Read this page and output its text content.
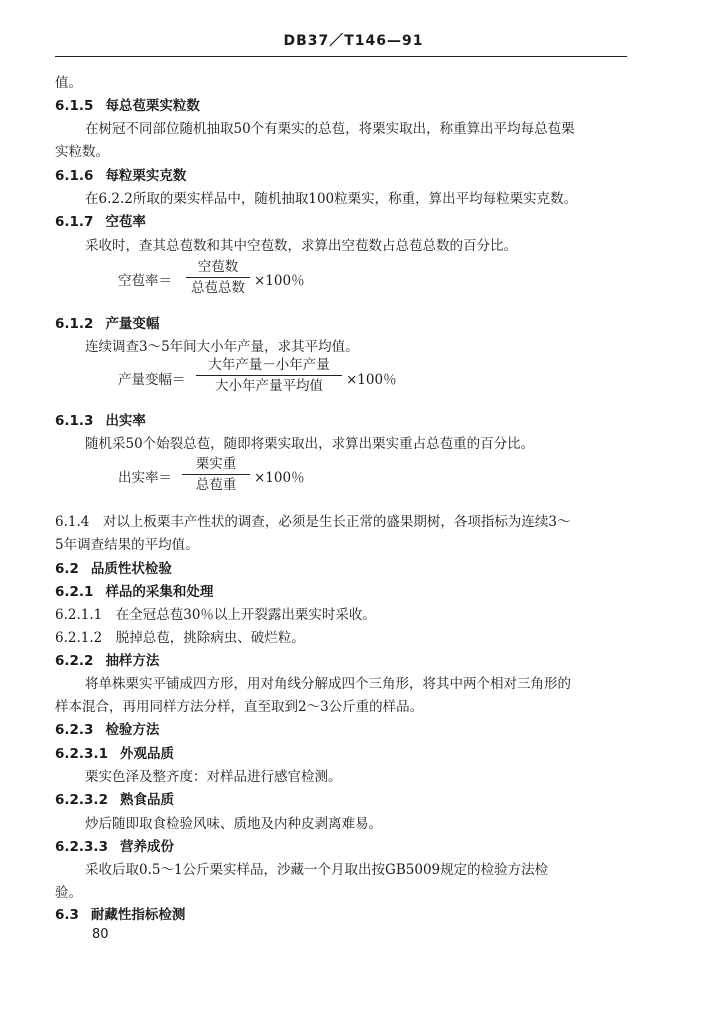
DB37／T146—91
值。
6.1.5 每总苞栗实粒数
在树冠不同部位随机抽取50个有栗实的总苞，将栗实取出，称重算出平均每总苞栗
实粒数。
6.1.6 每粒栗实克数
在6.2.2所取的栗实样品中，随机抽取100粒栗实，称重，算出平均每粒栗实克数。
6.1.7 空苞率
采收时，查其总苞数和其中空苞数，求算出空苞数占总苞总数的百分比。
6.1.2 产量变幅
连续调查3～5年间大小年产量，求其平均值。
6.1.3 出实率
随机采50个始裂总苞，随即将栗实取出，求算出栗实重占总苞重的百分比。
6.1.4　对以上板栗丰产性状的调查，必须是生长正常的盛果期树，各项指标为连续3～
5年调查结果的平均值。
6.2 品质性状检验
6.2.1 样品的采集和处理
6.2.1.1　在全冠总苞30％以上开裂露出栗实时采收。
6.2.1.2　脱掉总苞，挑除病虫、破烂粒。
6.2.2 抽样方法
将单株栗实平铺成四方形，用对角线分解成四个三角形，将其中两个相对三角形的
样本混合，再用同样方法分样，直至取到2～3公斤重的样品。
6.2.3 检验方法
6.2.3.1 外观品质
栗实色泽及整齐度：对样品进行感官检测。
6.2.3.2 熟食品质
炒后随即取食检验风味、质地及内种皮剥离难易。
6.2.3.3 营养成份
采收后取0.5～1公斤栗实样品，沙藏一个月取出按GB5009规定的检验方法检
验。
6.3 耐藏性指标检测
空苞率＝
空苞数
总苞总数 ×100％
产量变幅＝
大年产量－小年产量
大小年产量平均值 ×100％
出实率＝
栗实重
总苞重 ×100％
80
